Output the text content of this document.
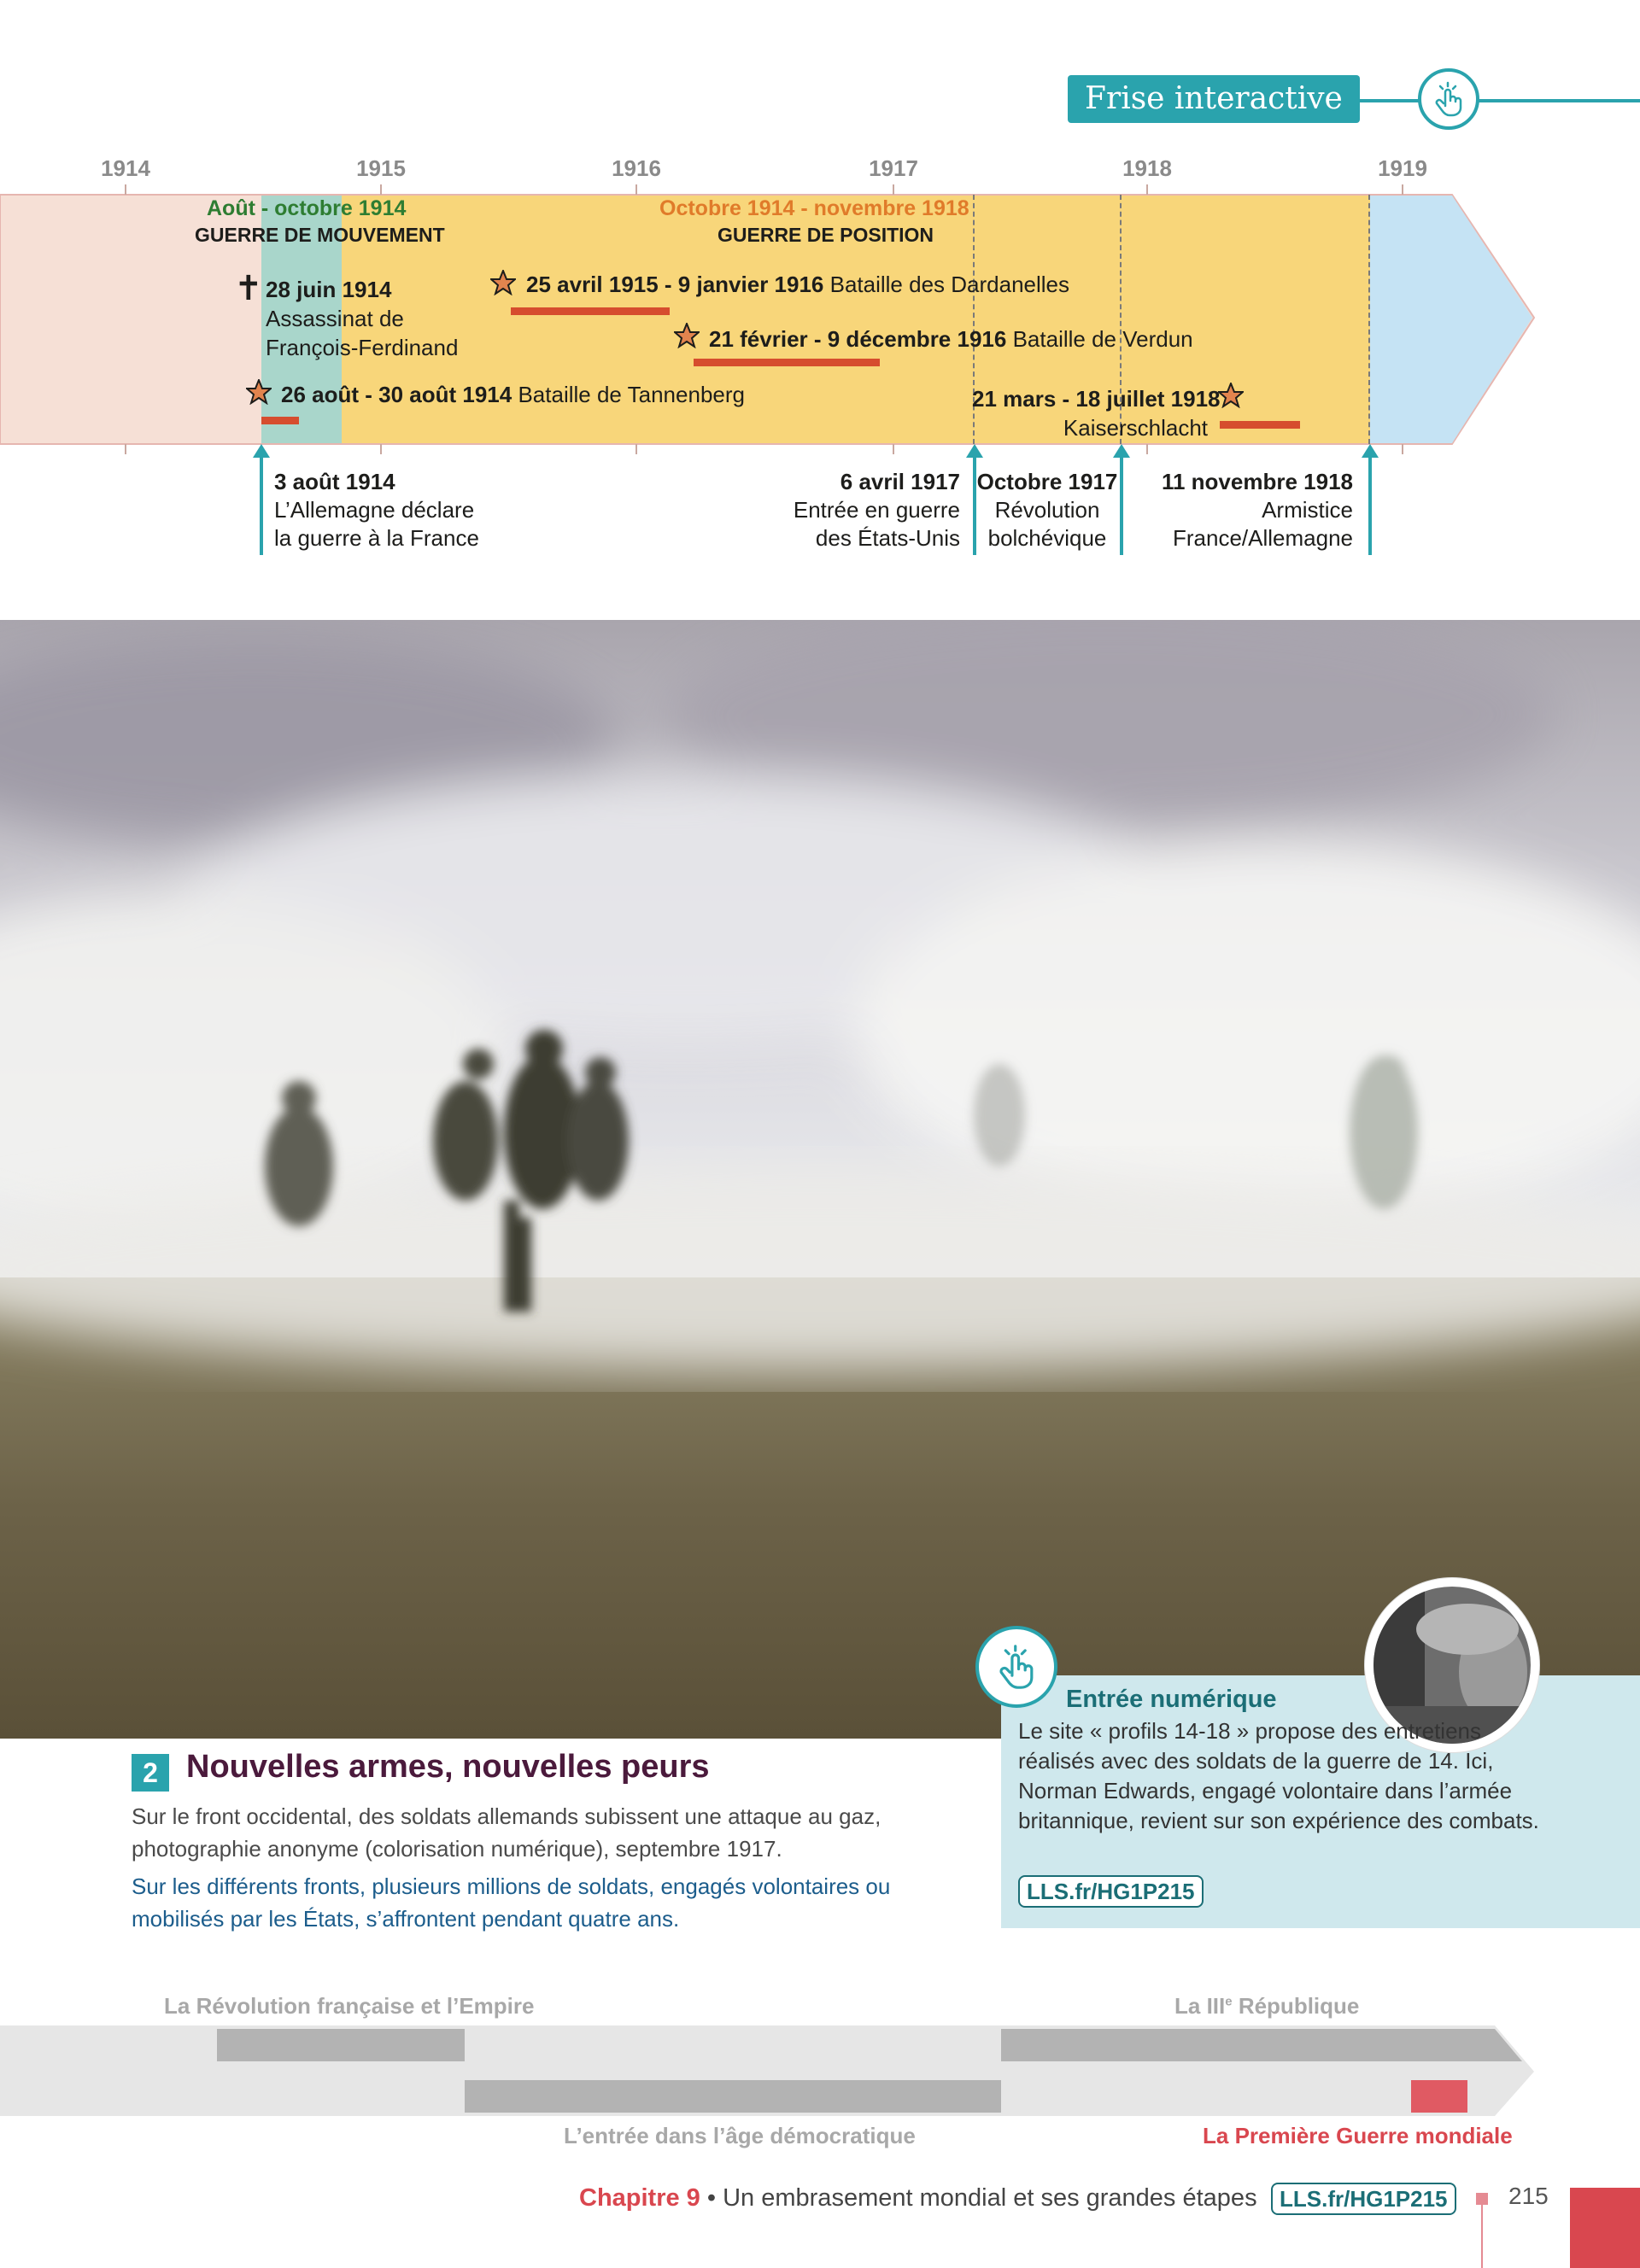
Frise interactive
1914	1915	1916	1917	1918	1919
Août - octobre 1914
GUERRE DE MOUVEMENT
Octobre 1914 - novembre 1918
GUERRE DE POSITION
✝ 28 juin 1914
Assassinat de
François-Ferdinand
25 avril 1915 - 9 janvier 1916 Bataille des Dardanelles
21 février - 9 décembre 1916 Bataille de Verdun
26 août - 30 août 1914 Bataille de Tannenberg	21 mars - 18 juillet 1918
Kaiserschlacht
3 août 1914
L’Allemagne déclare
la guerre à la France
6 avril 1917
Entrée en guerre
des États-Unis
Octobre 1917
Révolution
bolchévique
11 novembre 1918
Armistice
France/Allemagne
2 Nouvelles armes, nouvelles peurs
Sur le front occidental, des soldats allemands subissent une attaque au gaz, photographie anonyme (colorisation numérique), septembre 1917.
Sur les différents fronts, plusieurs millions de soldats, engagés volontaires ou mobilisés par les États, s’affrontent pendant quatre ans.
Entrée numérique
Le site « profils 14-18 » propose des entretiens réalisés avec des soldats de la guerre de 14. Ici, Norman Edwards, engagé volontaire dans l’armée britannique, revient sur son expérience des combats.
LLS.fr/HG1P215
La Révolution française et l’Empire	La IIIe République
L’entrée dans l’âge démocratique	La Première Guerre mondiale
Chapitre 9 • Un embrasement mondial et ses grandes étapes	LLS.fr/HG1P215	215
